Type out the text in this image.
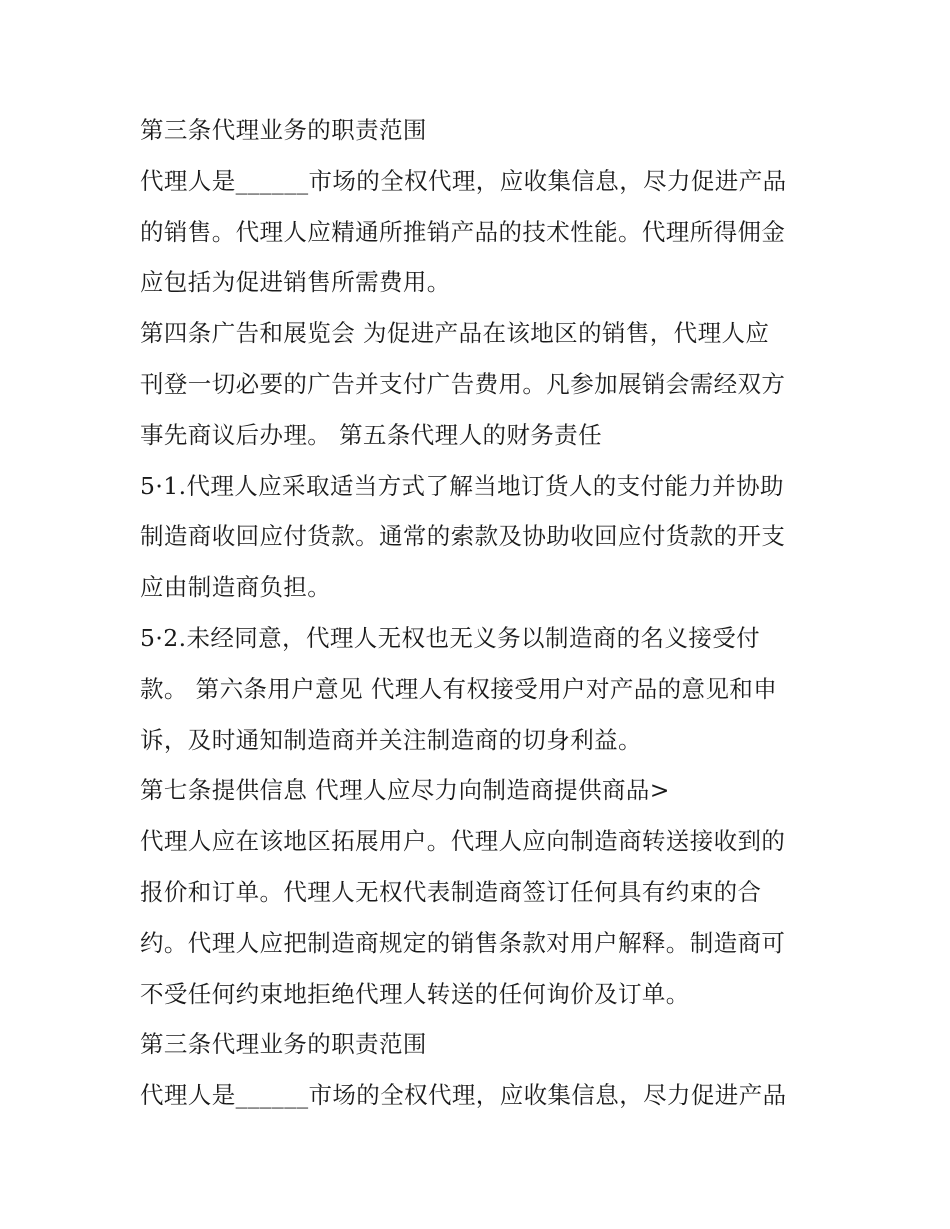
第三条代理业务的职责范围
代理人是______市场的全权代理，应收集信息，尽力促进产品
的销售。代理人应精通所推销产品的技术性能。代理所得佣金
应包括为促进销售所需费用。
第四条广告和展览会 为促进产品在该地区的销售，代理人应
刊登一切必要的广告并支付广告费用。凡参加展销会需经双方
事先商议后办理。 第五条代理人的财务责任
5·1.代理人应采取适当方式了解当地订货人的支付能力并协助
制造商收回应付货款。通常的索款及协助收回应付货款的开支
应由制造商负担。
5·2.未经同意，代理人无权也无义务以制造商的名义接受付
款。 第六条用户意见 代理人有权接受用户对产品的意见和申
诉，及时通知制造商并关注制造商的切身利益。
第七条提供信息 代理人应尽力向制造商提供商品>
代理人应在该地区拓展用户。代理人应向制造商转送接收到的
报价和订单。代理人无权代表制造商签订任何具有约束的合
约。代理人应把制造商规定的销售条款对用户解释。制造商可
不受任何约束地拒绝代理人转送的任何询价及订单。
第三条代理业务的职责范围
代理人是______市场的全权代理，应收集信息，尽力促进产品
